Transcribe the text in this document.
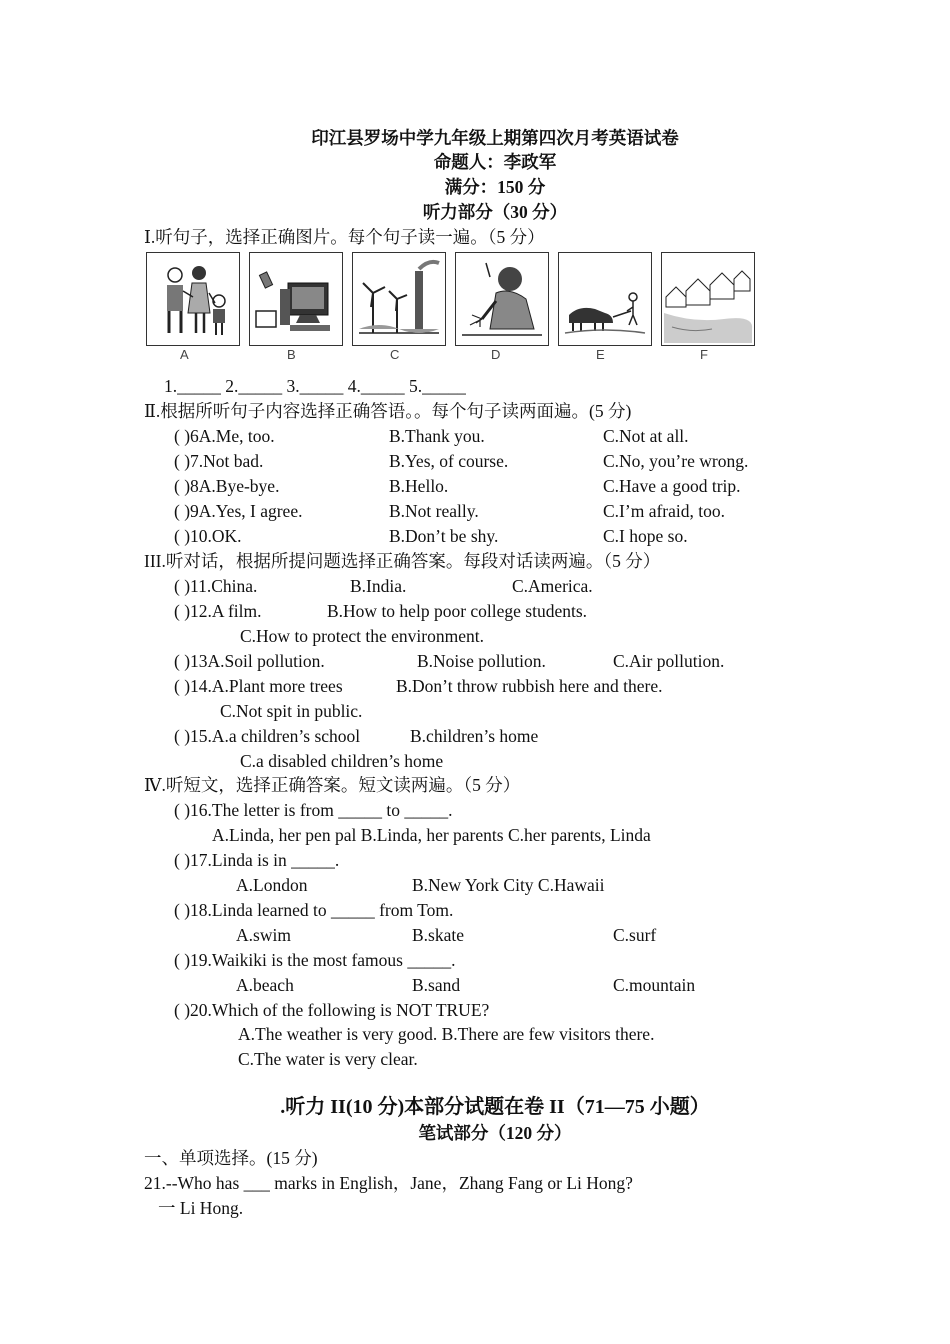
印江县罗场中学九年级上期第四次月考英语试卷
命题人：李政军
满分：150 分
听力部分（30 分）
Ⅰ.听句子，选择正确图片。每个句子读一遍。（5 分）
A	B	C	D	E	F
1._____ 2._____ 3._____ 4._____ 5._____
Ⅱ.根据所听句子内容选择正确答语。。每个句子读两面遍。(5 分)
( )6A.Me, too.	B.Thank you.	C.Not at all.
( )7.Not bad.	B.Yes, of course.	C.No, you’re wrong.
( )8A.Bye-bye.	B.Hello.	C.Have a good trip.
( )9A.Yes, I agree.	B.Not really.	C.I’m afraid, too.
( )10.OK.	B.Don’t be shy.	C.I hope so.
III.听对话，根据所提问题选择正确答案。每段对话读两遍。（5 分）
( )11.China.	B.India.	C.America.
( )12.A film.	B.How to help poor college students.
C.How to protect the environment.
( )13A.Soil pollution.	B.Noise pollution.	C.Air pollution.
( )14.A.Plant more trees	B.Don’t throw rubbish here and there.
C.Not spit in public.
( )15.A.a children’s school	B.children’s home
C.a disabled children’s home
Ⅳ.听短文，选择正确答案。短文读两遍。（5 分）
( )16.The letter is from _____ to _____.
A.Linda, her pen pal B.Linda, her parents C.her parents, Linda
( )17.Linda is in _____.
A.London	B.New York City C.Hawaii
( )18.Linda learned to _____ from Tom.
A.swim	B.skate	C.surf
( )19.Waikiki is the most famous _____.
A.beach	B.sand	C.mountain
( )20.Which of the following is NOT TRUE?
A.The weather is very good. B.There are few visitors there.
C.The water is very clear.
.听力 II(10 分)本部分试题在卷 II（71—75 小题）
笔试部分（120 分）
一、单项选择。(15 分)
21.--Who has ___ marks in English，Jane，Zhang Fang or Li Hong?
一 Li Hong.
